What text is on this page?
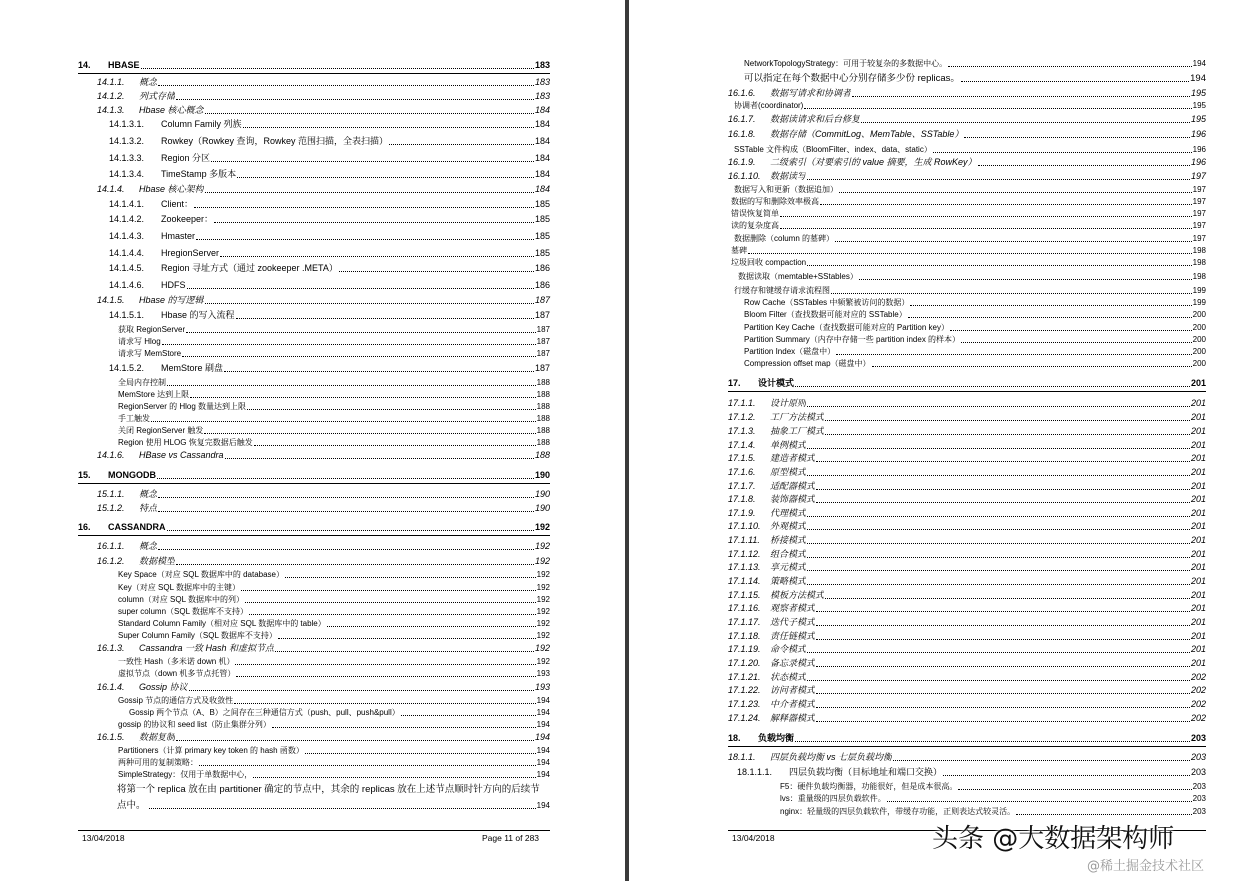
14.	HBASE	183
14.1.1.	概念	183
14.1.2.	列式存储	183
14.1.3.	Hbase 核心概念	184
14.1.3.1.	Column Family 列族	184
14.1.3.2.	Rowkey（Rowkey 查询，Rowkey 范围扫描，全表扫描）	184
14.1.3.3.	Region 分区	184
14.1.3.4.	TimeStamp 多版本	184
14.1.4.	Hbase 核心架构	184
14.1.4.1.	Client：	185
14.1.4.2.	Zookeeper：	185
14.1.4.3.	Hmaster	185
14.1.4.4.	HregionServer	185
14.1.4.5.	Region 寻址方式（通过 zookeeper .META）	186
14.1.4.6.	HDFS	186
14.1.5.	Hbase 的写逻辑	187
14.1.5.1.	Hbase 的写入流程	187
获取 RegionServer	187
请求写 Hlog	187
请求写 MemStore	187
14.1.5.2.	MemStore 刷盘	187
全局内存控制	188
MemStore 达到上限	188
RegionServer 的 Hlog 数量达到上限	188
手工触发	188
关闭 RegionServer 触发	188
Region 使用 HLOG 恢复完数据后触发	188
14.1.6.	HBase vs Cassandra	188
15.	MONGODB	190
15.1.1.	概念	190
15.1.2.	特点	190
16.	CASSANDRA	192
16.1.1.	概念	192
16.1.2.	数据模型	192
Key Space（对应 SQL 数据库中的 database）	192
Key（对应 SQL 数据库中的主键）	192
column（对应 SQL 数据库中的列）	192
super column（SQL 数据库不支持）	192
Standard Column Family（相对应 SQL 数据库中的 table）	192
Super Column Family（SQL 数据库不支持）	192
16.1.3.	Cassandra 一致 Hash 和虚拟节点	192
一致性 Hash（多米诺 down 机）	192
虚拟节点（down 机多节点托管）	193
16.1.4.	Gossip 协议	193
Gossip 节点的通信方式及收敛性	194
Gossip 两个节点（A、B）之间存在三种通信方式（push、pull、push&pull）	194
gossip 的协议和 seed list（防止集群分列）	194
16.1.5.	数据复制	194
Partitioners（计算 primary key token 的 hash 函数）	194
两种可用的复制策略：	194
SimpleStrategy：仅用于单数据中心，	194
将第一个 replica 放在由 partitioner 确定的节点中，其余的 replicas 放在上述节点顺时针方向的后续节
点中。	194
13/04/2018	Page 11 of 283
NetworkTopologyStrategy：可用于较复杂的多数据中心。	194
可以指定在每个数据中心分别存储多少份 replicas。	194
16.1.6.	数据写请求和协调者	195
协调者(coordinator)	195
16.1.7.	数据读请求和后台修复	195
16.1.8.	数据存储（CommitLog、MemTable、SSTable）	196
SSTable 文件构成（BloomFilter、index、data、static）	196
16.1.9.	二级索引（对要索引的 value 摘要，生成 RowKey）	196
16.1.10.	数据读写	197
数据写入和更新（数据追加）	197
数据的写和删除效率极高	197
错误恢复简单	197
读的复杂度高	197
数据删除（column 的墓碑）	197
墓碑	198
垃圾回收 compaction	198
数据读取（memtable+SStables）	198
行缓存和键缓存请求流程图	199
Row Cache（SSTables 中频繁被访问的数据）	199
Bloom Filter（查找数据可能对应的 SSTable）	200
Partition Key Cache（查找数据可能对应的 Partition key）	200
Partition Summary（内存中存储一些 partition index 的样本）	200
Partition Index（磁盘中）	200
Compression offset map（磁盘中）	200
17.	设计模式	201
17.1.1.	设计原则	201
17.1.2.	工厂方法模式	201
17.1.3.	抽象工厂模式	201
17.1.4.	单例模式	201
17.1.5.	建造者模式	201
17.1.6.	原型模式	201
17.1.7.	适配器模式	201
17.1.8.	装饰器模式	201
17.1.9.	代理模式	201
17.1.10.	外观模式	201
17.1.11.	桥接模式	201
17.1.12.	组合模式	201
17.1.13.	享元模式	201
17.1.14.	策略模式	201
17.1.15.	模板方法模式	201
17.1.16.	观察者模式	201
17.1.17.	迭代子模式	201
17.1.18.	责任链模式	201
17.1.19.	命令模式	201
17.1.20.	备忘录模式	201
17.1.21.	状态模式	202
17.1.22.	访问者模式	202
17.1.23.	中介者模式	202
17.1.24.	解释器模式	202
18.	负载均衡	203
18.1.1.	四层负载均衡 vs 七层负载均衡	203
18.1.1.1.	四层负载均衡（目标地址和端口交换）	203
F5：硬件负载均衡器，功能很好，但是成本很高。	203
lvs：重量级的四层负载软件。	203
nginx：轻量级的四层负载软件，带缓存功能，正则表达式较灵活。	203
13/04/2018	头条 @大数据架构师
@稀土掘金技术社区
